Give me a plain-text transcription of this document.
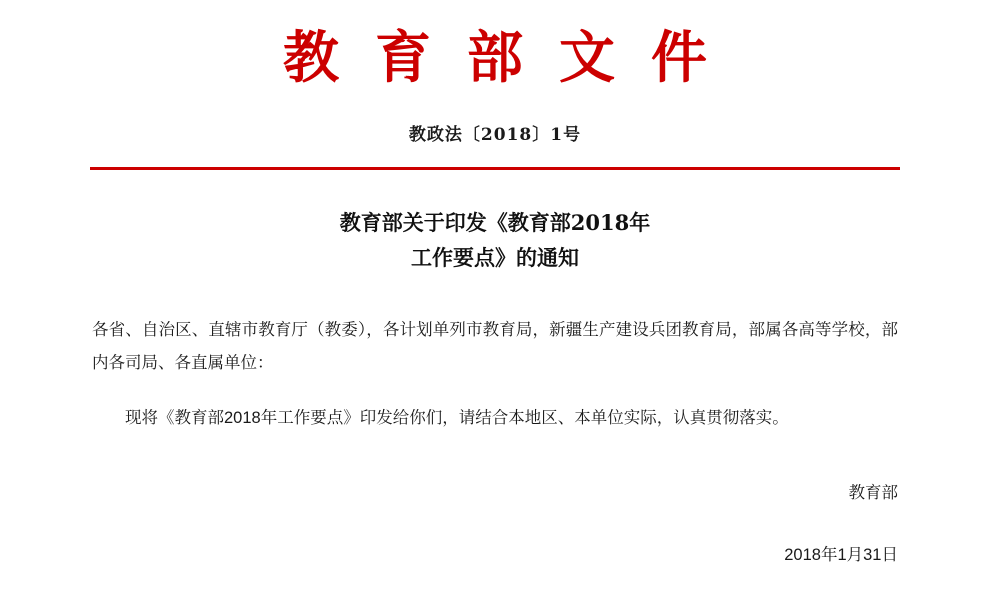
教育部文件
教政法〔2018〕1号
教育部关于印发《教育部2018年
工作要点》的通知
各省、自治区、直辖市教育厅（教委），各计划单列市教育局，新疆生产建设兵团教育局，部属各高等学校，部内各司局、各直属单位：
现将《教育部2018年工作要点》印发给你们，请结合本地区、本单位实际，认真贯彻落实。
教育部
2018年1月31日
